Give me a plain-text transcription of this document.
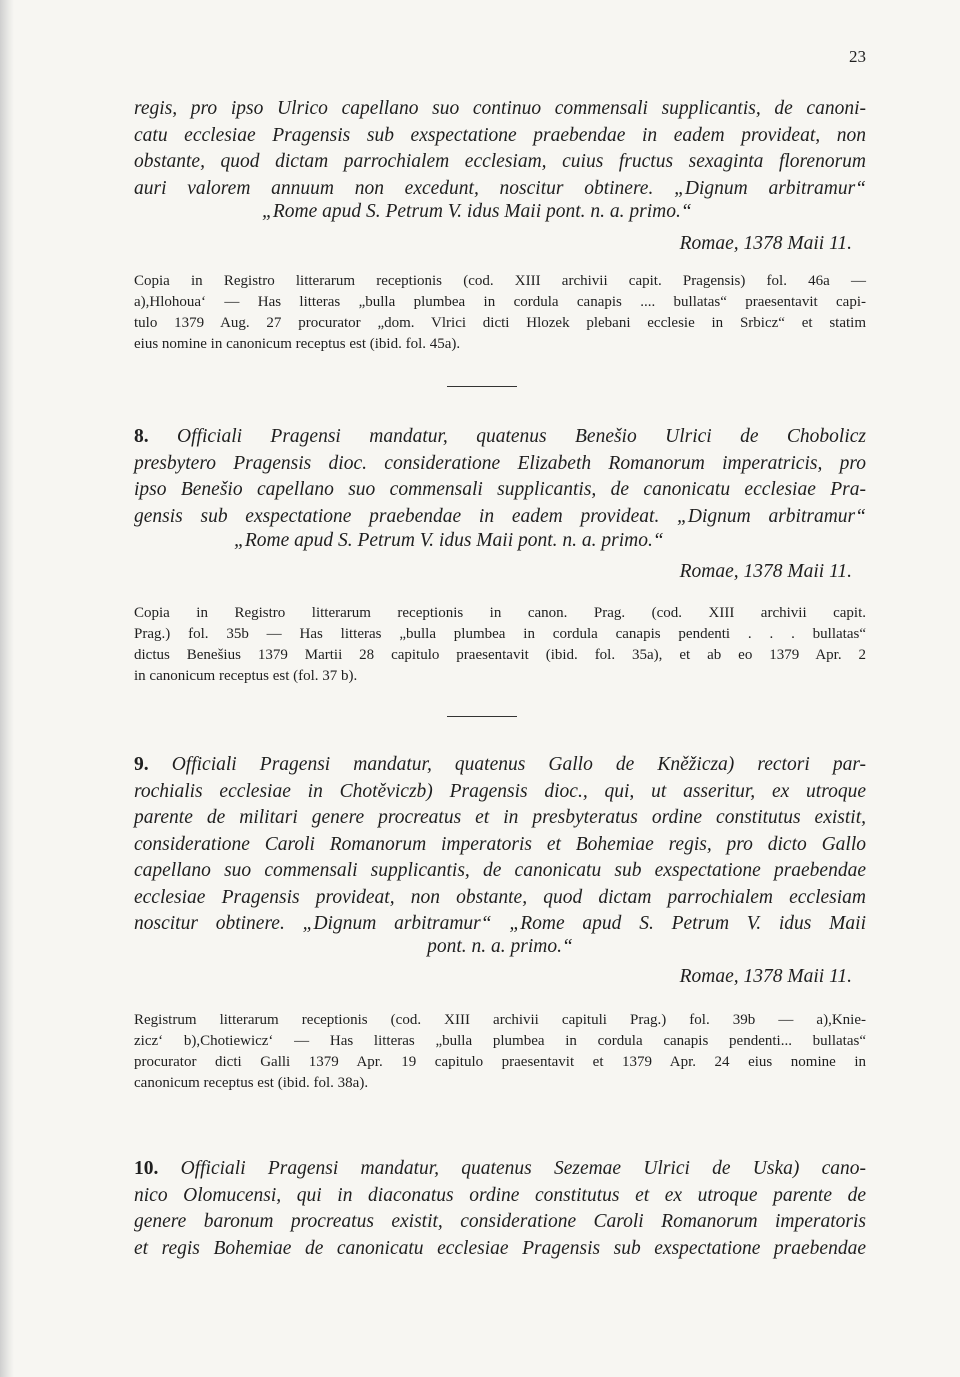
23
regis, pro ipso Ulrico capellano suo continuo commensali supplicantis, de canoni-
catu ecclesiae Pragensis sub exspectatione praebendae in eadem provideat, non
obstante, quod dictam parrochialem ecclesiam, cuius fructus sexaginta florenorum
auri valorem annuum non excedunt, noscitur obtinere. „Dignum arbitramur“
„Rome apud S. Petrum V. idus Maii pont. n. a. primo.“
Romae, 1378 Maii 11.
Copia in Registro litterarum receptionis (cod. XIII archivii capit. Pragensis) fol. 46a —
a),Hlohoua‘ — Has litteras „bulla plumbea in cordula canapis .... bullatas“ praesentavit capi-
tulo 1379 Aug. 27 procurator „dom. Vlrici dicti Hlozek plebani ecclesie in Srbicz“ et statim
eius nomine in canonicum receptus est (ibid. fol. 45a).
8. Officiali Pragensi mandatur, quatenus Benešio Ulrici de Chobolicz
presbytero Pragensis dioc. consideratione Elizabeth Romanorum imperatricis, pro
ipso Benešio capellano suo commensali supplicantis, de canonicatu ecclesiae Pra-
gensis sub exspectatione praebendae in eadem provideat. „Dignum arbitramur“
„Rome apud S. Petrum V. idus Maii pont. n. a. primo.“
Romae, 1378 Maii 11.
Copia in Registro litterarum receptionis in canon. Prag. (cod. XIII archivii capit.
Prag.) fol. 35b — Has litteras „bulla plumbea in cordula canapis pendenti . . . bullatas“
dictus Benešius 1379 Martii 28 capitulo praesentavit (ibid. fol. 35a), et ab eo 1379 Apr. 2
in canonicum receptus est (fol. 37 b).
9. Officiali Pragensi mandatur, quatenus Gallo de Kněžicza) rectori par-
rochialis ecclesiae in Chotěviczb) Pragensis dioc., qui, ut asseritur, ex utroque
parente de militari genere procreatus et in presbyteratus ordine constitutus existit,
consideratione Caroli Romanorum imperatoris et Bohemiae regis, pro dicto Gallo
capellano suo commensali supplicantis, de canonicatu sub exspectatione praebendae
ecclesiae Pragensis provideat, non obstante, quod dictam parrochialem ecclesiam
noscitur obtinere. „Dignum arbitramur“ „Rome apud S. Petrum V. idus Maii
pont. n. a. primo.“
Romae, 1378 Maii 11.
Registrum litterarum receptionis (cod. XIII archivii capituli Prag.) fol. 39b — a),Knie-
zicz‘ b),Chotiewicz‘ — Has litteras „bulla plumbea in cordula canapis pendenti... bullatas“
procurator dicti Galli 1379 Apr. 19 capitulo praesentavit et 1379 Apr. 24 eius nomine in
canonicum receptus est (ibid. fol. 38a).
10. Officiali Pragensi mandatur, quatenus Sezemae Ulrici de Uska) cano-
nico Olomucensi, qui in diaconatus ordine constitutus et ex utroque parente de
genere baronum procreatus existit, consideratione Caroli Romanorum imperatoris
et regis Bohemiae de canonicatu ecclesiae Pragensis sub exspectatione praebendae
